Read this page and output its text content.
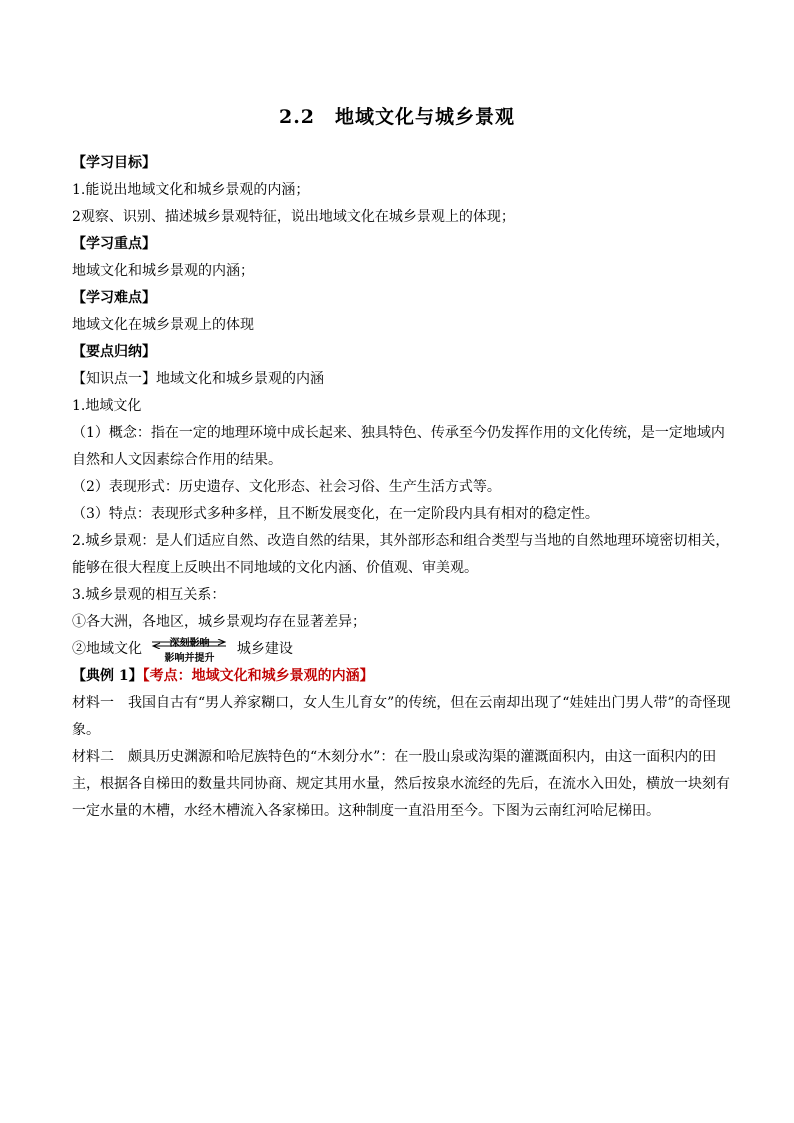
2.2　地域文化与城乡景观
【学习目标】
1.能说出地域文化和城乡景观的内涵；
2观察、识别、描述城乡景观特征，说出地域文化在城乡景观上的体现；
【学习重点】
地域文化和城乡景观的内涵；
【学习难点】
地域文化在城乡景观上的体现
【要点归纳】
【知识点一】地域文化和城乡景观的内涵
1.地域文化
（1）概念：指在一定的地理环境中成长起来、独具特色、传承至今仍发挥作用的文化传统，是一定地域内自然和人文因素综合作用的结果。
（2）表现形式：历史遗存、文化形态、社会习俗、生产生活方式等。
（3）特点：表现形式多种多样，且不断发展变化，在一定阶段内具有相对的稳定性。
2.城乡景观：是人们适应自然、改造自然的结果，其外部形态和组合类型与当地的自然地理环境密切相关，能够在很大程度上反映出不同地域的文化内涵、价值观、审美观。
3.城乡景观的相互关系：
①各大洲，各地区，城乡景观均存在显著差异；
②地域文化	深刻影响
影响并提升
城乡建设
【典例 1】【考点：地域文化和城乡景观的内涵】
材料一　我国自古有“男人养家糊口，女人生儿育女”的传统，但在云南却出现了“娃娃出门男人带”的奇怪现象。
材料二　颇具历史渊源和哈尼族特色的“木刻分水”：在一股山泉或沟渠的灌溉面积内，由这一面积内的田主，根据各自梯田的数量共同协商、规定其用水量，然后按泉水流经的先后，在流水入田处，横放一块刻有一定水量的木槽，水经木槽流入各家梯田。这种制度一直沿用至今。下图为云南红河哈尼梯田。
